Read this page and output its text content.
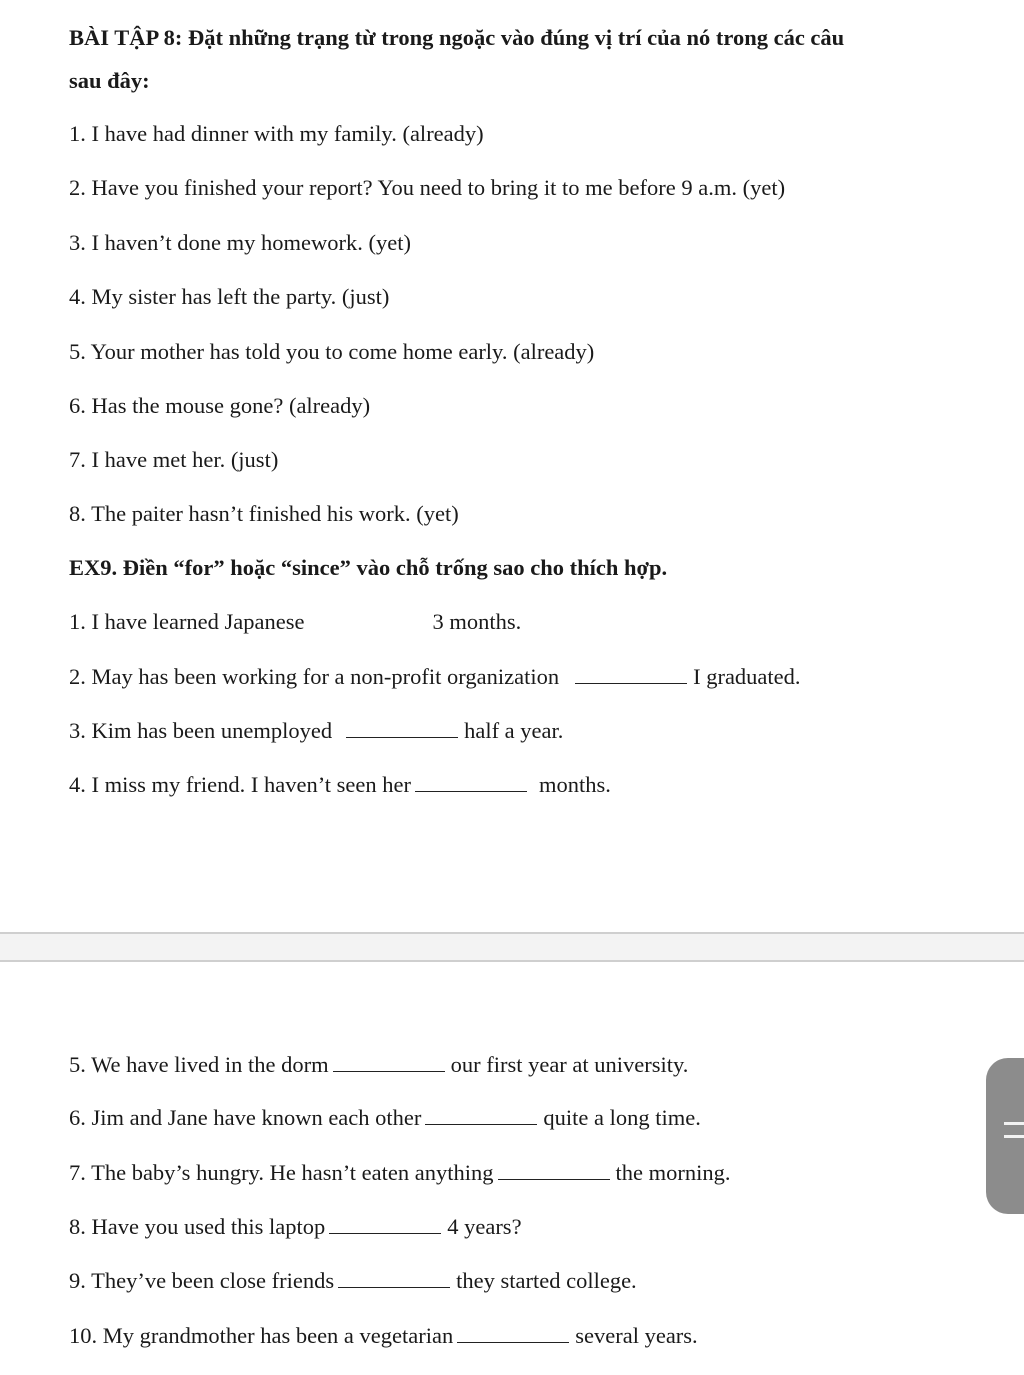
BÀI TẬP 8: Đặt những trạng từ trong ngoặc vào đúng vị trí của nó trong các câu
sau đây:
1. I have had dinner with my family. (already)
2. Have you finished your report? You need to bring it to me before 9 a.m. (yet)
3. I haven’t done my homework. (yet)
4. My sister has left the party. (just)
5. Your mother has told you to come home early. (already)
6. Has the mouse gone? (already)
7. I have met her. (just)
8. The paiter hasn’t finished his work. (yet)
EX9. Điền “for” hoặc “since” vào chỗ trống sao cho thích hợp.
1. I have learned Japanese	3 months.
2. May has been working for a non-profit organization	I graduated.
3. Kim has been unemployed	half a year.
4. I miss my friend. I haven’t seen her	months.
5. We have lived in the dorm	our first year at university.
6. Jim and Jane have known each other	quite a long time.
7. The baby’s hungry. He hasn’t eaten anything	the morning.
8. Have you used this laptop	4 years?
9. They’ve been close friends	they started college.
10. My grandmother has been a vegetarian	several years.
